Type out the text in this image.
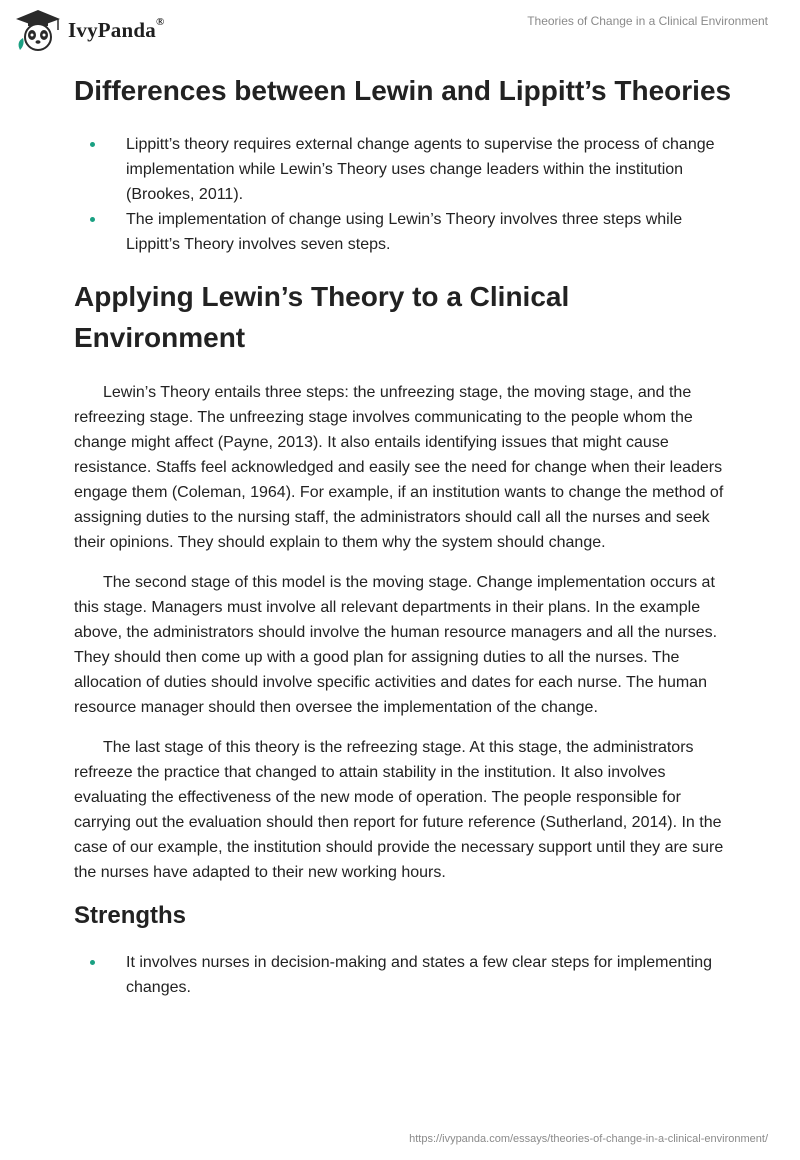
IvyPanda®	Theories of Change in a Clinical Environment
Differences between Lewin and Lippitt’s Theories
Lippitt’s theory requires external change agents to supervise the process of change implementation while Lewin’s Theory uses change leaders within the institution (Brookes, 2011).
The implementation of change using Lewin’s Theory involves three steps while Lippitt’s Theory involves seven steps.
Applying Lewin’s Theory to a Clinical Environment

Lewin’s Theory entails three steps: the unfreezing stage, the moving stage, and the refreezing stage. The unfreezing stage involves communicating to the people whom the change might affect (Payne, 2013). It also entails identifying issues that might cause resistance. Staffs feel acknowledged and easily see the need for change when their leaders engage them (Coleman, 1964). For example, if an institution wants to change the method of assigning duties to the nursing staff, the administrators should call all the nurses and seek their opinions. They should explain to them why the system should change.

The second stage of this model is the moving stage. Change implementation occurs at this stage. Managers must involve all relevant departments in their plans. In the example above, the administrators should involve the human resource managers and all the nurses. They should then come up with a good plan for assigning duties to all the nurses. The allocation of duties should involve specific activities and dates for each nurse. The human resource manager should then oversee the implementation of the change.

The last stage of this theory is the refreezing stage. At this stage, the administrators refreeze the practice that changed to attain stability in the institution. It also involves evaluating the effectiveness of the new mode of operation. The people responsible for carrying out the evaluation should then report for future reference (Sutherland, 2014). In the case of our example, the institution should provide the necessary support until they are sure the nurses have adapted to their new working hours.

Strengths
It involves nurses in decision-making and states a few clear steps for implementing changes.
https://ivypanda.com/essays/theories-of-change-in-a-clinical-environment/
